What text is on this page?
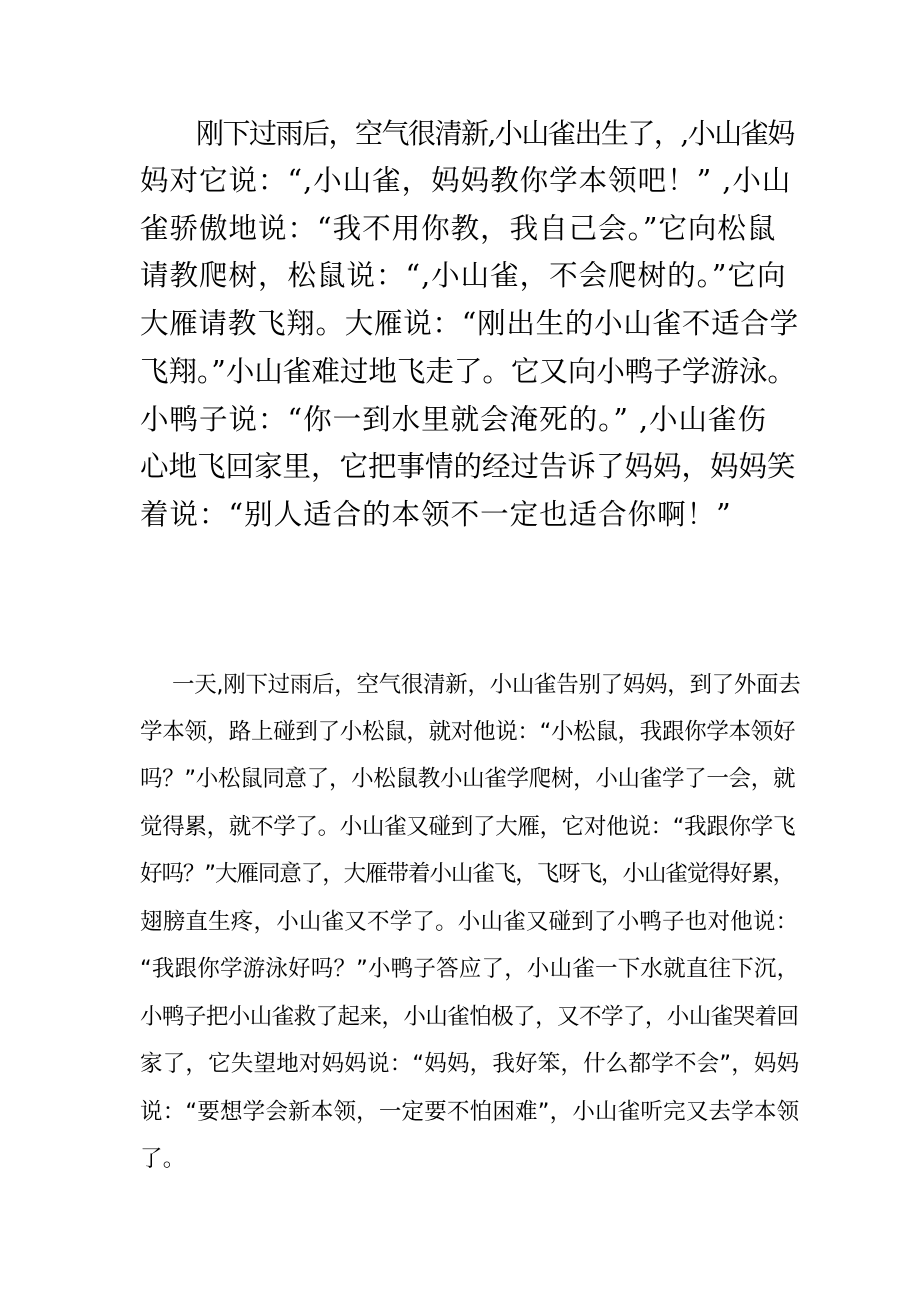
刚下过雨后，空气很清新,小山雀出生了，,小山雀妈

妈对它说：“,小山雀，妈妈教你学本领吧！” ,小山

雀骄傲地说：“我不用你教，我自己会。”它向松鼠

请教爬树，松鼠说：“,小山雀，不会爬树的。”它向

大雁请教飞翔。大雁说：“刚出生的小山雀不适合学

飞翔。”小山雀难过地飞走了。它又向小鸭子学游泳。

小鸭子说：“你一到水里就会淹死的。” ,小山雀伤

心地飞回家里，它把事情的经过告诉了妈妈，妈妈笑

着说：“别人适合的本领不一定也适合你啊！”

一天,刚下过雨后，空气很清新，小山雀告别了妈妈，到了外面去

学本领，路上碰到了小松鼠，就对他说：“小松鼠，我跟你学本领好

吗？”小松鼠同意了，小松鼠教小山雀学爬树，小山雀学了一会，就

觉得累，就不学了。小山雀又碰到了大雁，它对他说：“我跟你学飞

好吗？”大雁同意了，大雁带着小山雀飞，飞呀飞，小山雀觉得好累，

翅膀直生疼，小山雀又不学了。小山雀又碰到了小鸭子也对他说：

“我跟你学游泳好吗？”小鸭子答应了，小山雀一下水就直往下沉，

小鸭子把小山雀救了起来，小山雀怕极了，又不学了，小山雀哭着回

家了，它失望地对妈妈说：“妈妈，我好笨，什么都学不会”，妈妈

说：“要想学会新本领，一定要不怕困难”，小山雀听完又去学本领

了。
